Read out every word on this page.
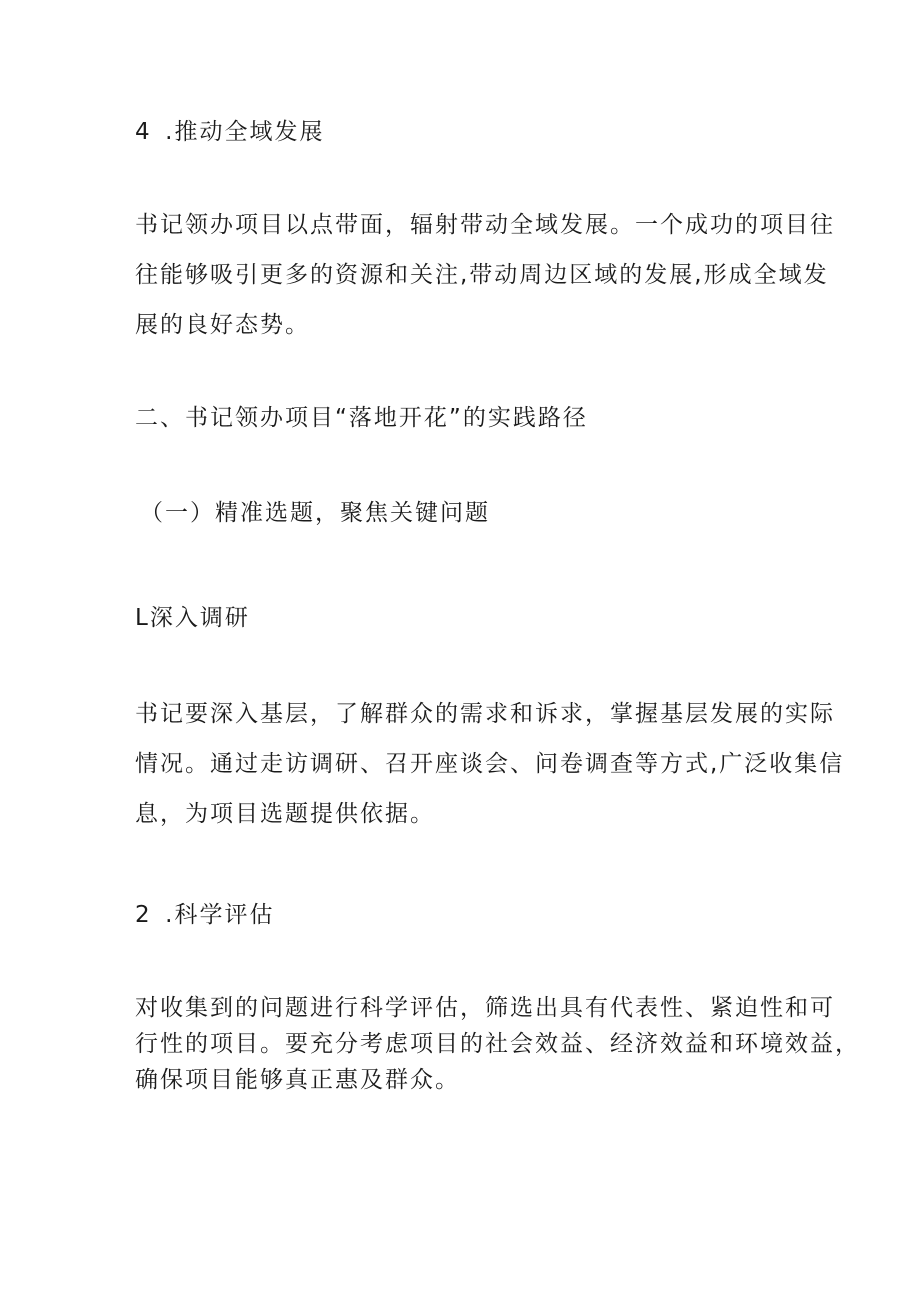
4 .推动全域发展
书记领办项目以点带面，辐射带动全域发展。一个成功的项目往
往能够吸引更多的资源和关注,带动周边区域的发展,形成全域发
展的良好态势。
二、书记领办项目“落地开花”的实践路径
（一）精准选题，聚焦关键问题
L深入调研
书记要深入基层，了解群众的需求和诉求，掌握基层发展的实际
情况。通过走访调研、召开座谈会、问卷调查等方式,广泛收集信
息，为项目选题提供依据。
2 .科学评估
对收集到的问题进行科学评估，筛选出具有代表性、紧迫性和可
行性的项目。要充分考虑项目的社会效益、经济效益和环境效益，
确保项目能够真正惠及群众。
